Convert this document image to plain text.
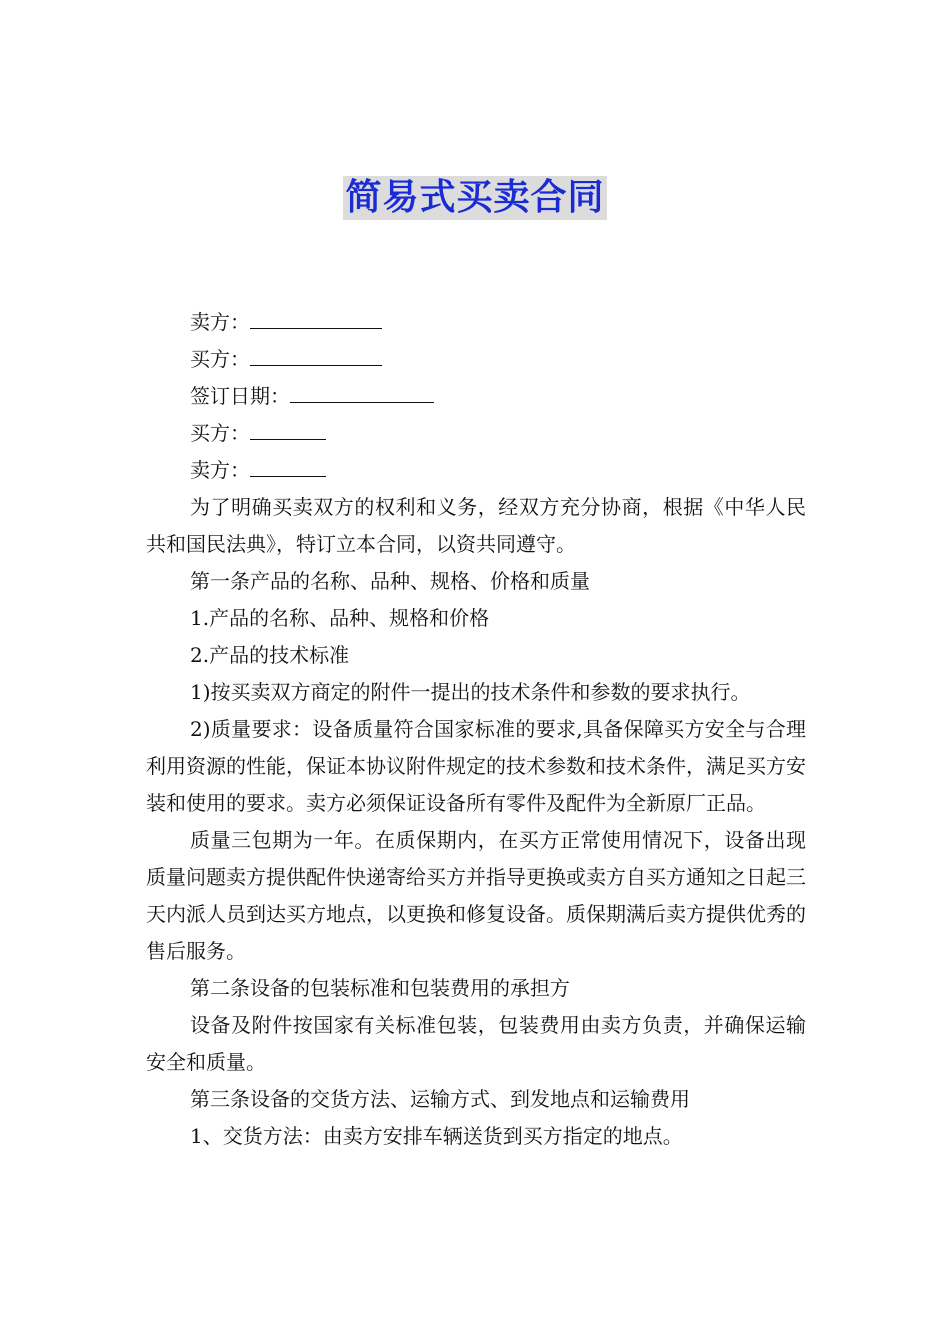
简易式买卖合同
卖方：
买方：
签订日期：
买方：
卖方：

为了明确买卖双方的权利和义务，经双方充分协商，根据《中华人民共和国民法典》，特订立本合同，以资共同遵守。

第一条产品的名称、品种、规格、价格和质量

1.产品的名称、品种、规格和价格

2.产品的技术标准

1)按买卖双方商定的附件一提出的技术条件和参数的要求执行。

2)质量要求：设备质量符合国家标准的要求,具备保障买方安全与合理利用资源的性能，保证本协议附件规定的技术参数和技术条件，满足买方安装和使用的要求。卖方必须保证设备所有零件及配件为全新原厂正品。

质量三包期为一年。在质保期内，在买方正常使用情况下，设备出现质量问题卖方提供配件快递寄给买方并指导更换或卖方自买方通知之日起三天内派人员到达买方地点，以更换和修复设备。质保期满后卖方提供优秀的售后服务。

第二条设备的包装标准和包装费用的承担方

设备及附件按国家有关标准包装，包装费用由卖方负责，并确保运输安全和质量。

第三条设备的交货方法、运输方式、到发地点和运输费用

1、交货方法：由卖方安排车辆送货到买方指定的地点。
